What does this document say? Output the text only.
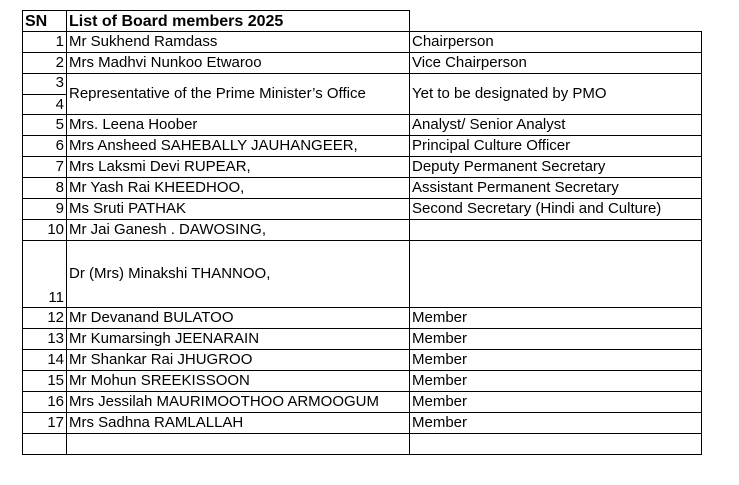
SN	List of Board members 2025	
1	Mr Sukhend Ramdass	Chairperson
2	Mrs Madhvi Nunkoo Etwaroo	Vice Chairperson

3
4	Representative of the Prime Minister’s Office	Yet to be designated by PMO
5	Mrs. Leena Hoober	Analyst/ Senior Analyst
6	Mrs Ansheed SAHEBALLY JAUHANGEER,	Principal Culture Officer
7	Mrs Laksmi Devi RUPEAR,	Deputy Permanent Secretary
8	Mr Yash Rai KHEEDHOO,	Assistant Permanent Secretary
9	Ms Sruti PATHAK	Second Secretary (Hindi and Culture)
10	Mr Jai Ganesh . DAWOSING,	
11	Dr (Mrs) Minakshi THANNOO,	

12	Mr Devanand BULATOO	Member
13	Mr Kumarsingh JEENARAIN	Member
14	Mr Shankar Rai JHUGROO	Member
15	Mr Mohun SREEKISSOON	Member
16	Mrs Jessilah MAURIMOOTHOO ARMOOGUM	Member
17	Mrs Sadhna RAMLALLAH	Member
